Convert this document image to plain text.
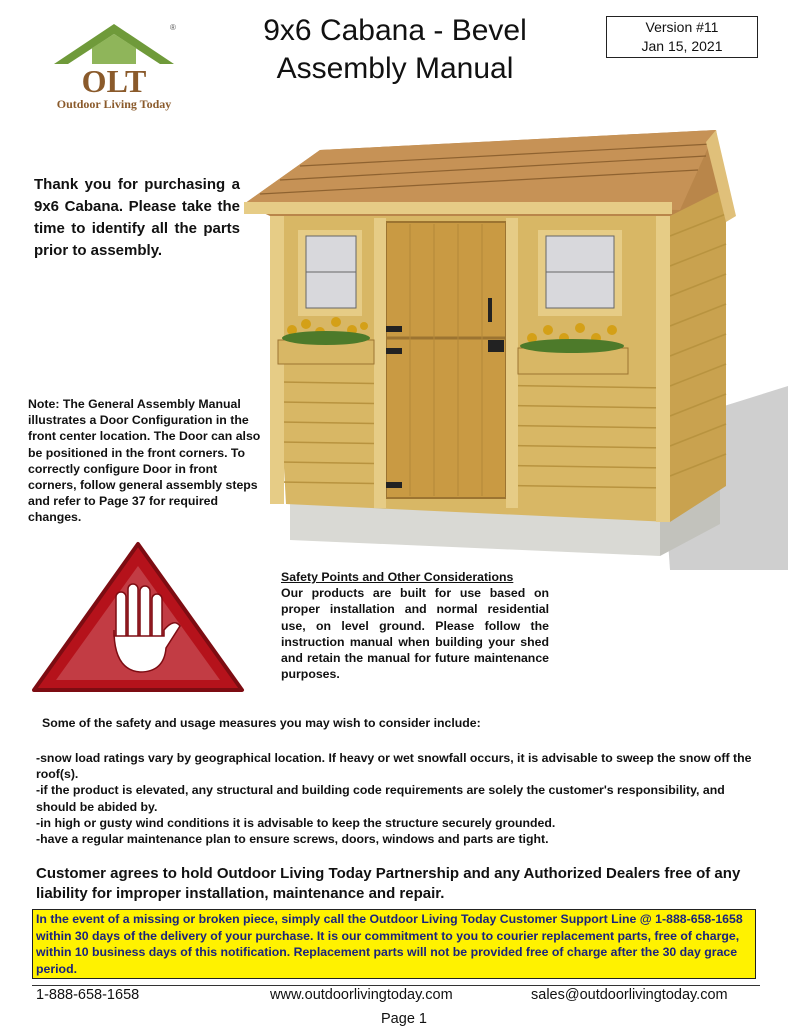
®
OLT
Outdoor Living Today
9x6 Cabana - Bevel
Assembly Manual
Version #11
Jan 15, 2021
Thank you for purchasing a 9x6 Cabana. Please take the time to identify all the parts prior to assembly.
Note: The General Assembly Manual illustrates a Door Configuration in the front center location. The Door can also be positioned in the front corners. To correctly configure Door in front corners, follow general assembly steps and refer to Page 37 for required changes.
Safety Points and Other Considerations
Our products are built for use based on proper installation and normal residential use, on level ground. Please follow the instruction manual when building your shed and retain the manual for future maintenance purposes.
Some of the safety and usage measures you may wish to consider include:
-snow load ratings vary by geographical location. If heavy or wet snowfall occurs, it is advisable to sweep the snow off the roof(s).
-if the product is elevated, any structural and building code requirements are solely the customer's responsibility, and should be abided by.
-in high or gusty wind conditions it is advisable to keep the structure securely grounded.
-have a regular maintenance plan to ensure screws, doors, windows and parts are tight.
Customer agrees to hold Outdoor Living Today Partnership and any Authorized Dealers free of any liability for improper installation, maintenance and repair.
In the event of a missing or broken piece, simply call the Outdoor Living Today Customer Support Line @ 1-888-658-1658 within 30 days of the delivery of your purchase. It is our commitment to you to courier replacement parts, free of charge, within 10 business days of this notification. Replacement parts will not be provided free of charge after the 30 day grace period.
1-888-658-1658	www.outdoorlivingtoday.com	sales@outdoorlivingtoday.com
Page 1
